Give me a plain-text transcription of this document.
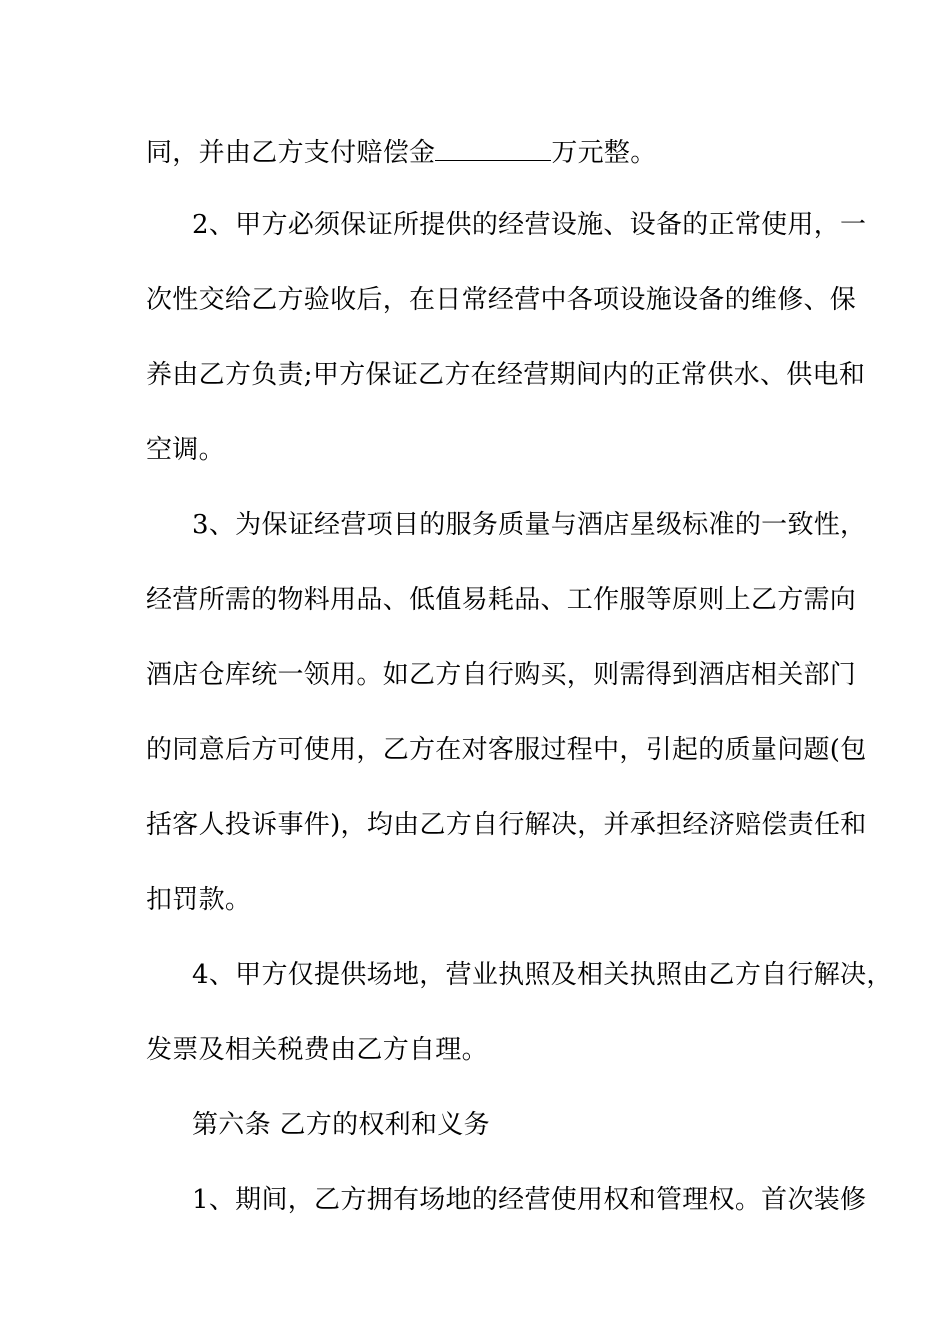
同，并由乙方支付赔偿金	万元整。
2、甲方必须保证所提供的经营设施、设备的正常使用，一
次性交给乙方验收后，在日常经营中各项设施设备的维修、保
养由乙方负责;甲方保证乙方在经营期间内的正常供水、供电和
空调。
3、为保证经营项目的服务质量与酒店星级标准的一致性，
经营所需的物料用品、低值易耗品、工作服等原则上乙方需向
酒店仓库统一领用。如乙方自行购买，则需得到酒店相关部门
的同意后方可使用，乙方在对客服过程中，引起的质量问题(包
括客人投诉事件)，均由乙方自行解决，并承担经济赔偿责任和
扣罚款。
4、甲方仅提供场地，营业执照及相关执照由乙方自行解决，
发票及相关税费由乙方自理。
第六条 乙方的权利和义务
1、期间，乙方拥有场地的经营使用权和管理权。首次装修
